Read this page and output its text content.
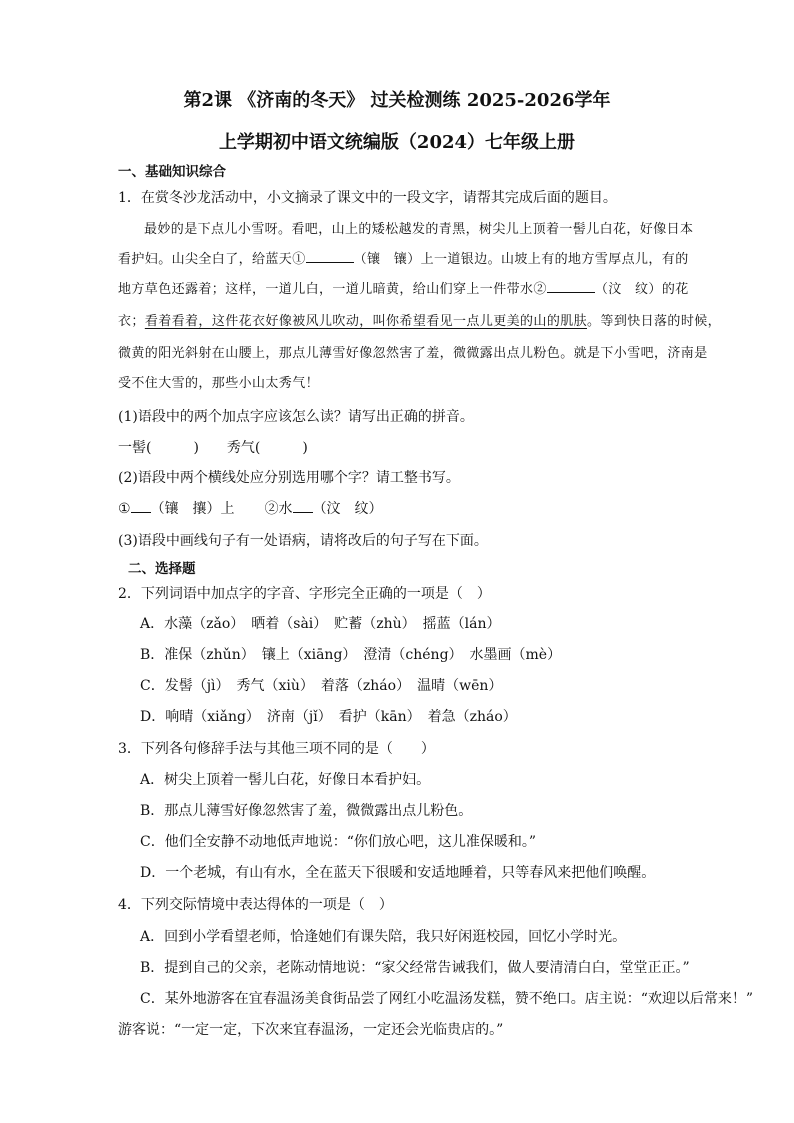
第2课 《济南的冬天》 过关检测练 2025-2026学年
上学期初中语文统编版（2024）七年级上册
一、基础知识综合
1．在赏冬沙龙活动中，小文摘录了课文中的一段文字，请帮其完成后面的题目。
最妙的是下点儿小雪呀。看吧，山上的矮松越发的青黑，树尖儿上顶着一髻儿白花，好像日本
看护妇。山尖全白了，给蓝天①	（镶　镶）上一道银边。山坡上有的地方雪厚点儿，有的
地方草色还露着；这样，一道儿白，一道儿暗黄，给山们穿上一件带水②	（汶　纹）的花
衣；看着看着，这件花衣好像被风儿吹动，叫你希望看见一点儿更美的山的肌肤。等到快日落的时候，
微黄的阳光斜射在山腰上，那点儿薄雪好像忽然害了羞，微微露出点儿粉色。就是下小雪吧，济南是
受不住大雪的，那些小山太秀气！
(1)语段中的两个加点字应该怎么读？请写出正确的拼音。
一髻(　　　)　　秀气(　　　)
(2)语段中两个横线处应分别选用哪个字？请工整书写。
① （镶　攘）上 ②水 （汶　纹）
(3)语段中画线句子有一处语病，请将改后的句子写在下面。
二、选择题
2．下列词语中加点字的字音、字形完全正确的一项是（　）
A．水藻（zǎo）　晒着（sài）　贮蓄（zhù）　摇蓝（lán）
B．准保（zhǔn）　镶上（xiāng）　澄清（chéng）　水墨画（mè）
C．发髻（jì）　秀气（xiù）　着落（zháo）　温晴（wēn）
D．响晴（xiǎng）　济南（jǐ）　看护（kān）　着急（zháo）
3．下列各句修辞手法与其他三项不同的是（　　）
A．树尖上顶着一髻儿白花，好像日本看护妇。
B．那点儿薄雪好像忽然害了羞，微微露出点儿粉色。
C．他们全安静不动地低声地说：“你们放心吧，这儿准保暖和。”
D．一个老城，有山有水，全在蓝天下很暖和安适地睡着，只等春风来把他们唤醒。
4．下列交际情境中表达得体的一项是（　）
A．回到小学看望老师，恰逢她们有课失陪，我只好闲逛校园，回忆小学时光。
B．提到自己的父亲，老陈动情地说：“家父经常告诫我们，做人要清清白白，堂堂正正。”
C．某外地游客在宜春温汤美食街品尝了网红小吃温汤发糕，赞不绝口。店主说：“欢迎以后常来！”
游客说：“一定一定，下次来宜春温汤，一定还会光临贵店的。”
